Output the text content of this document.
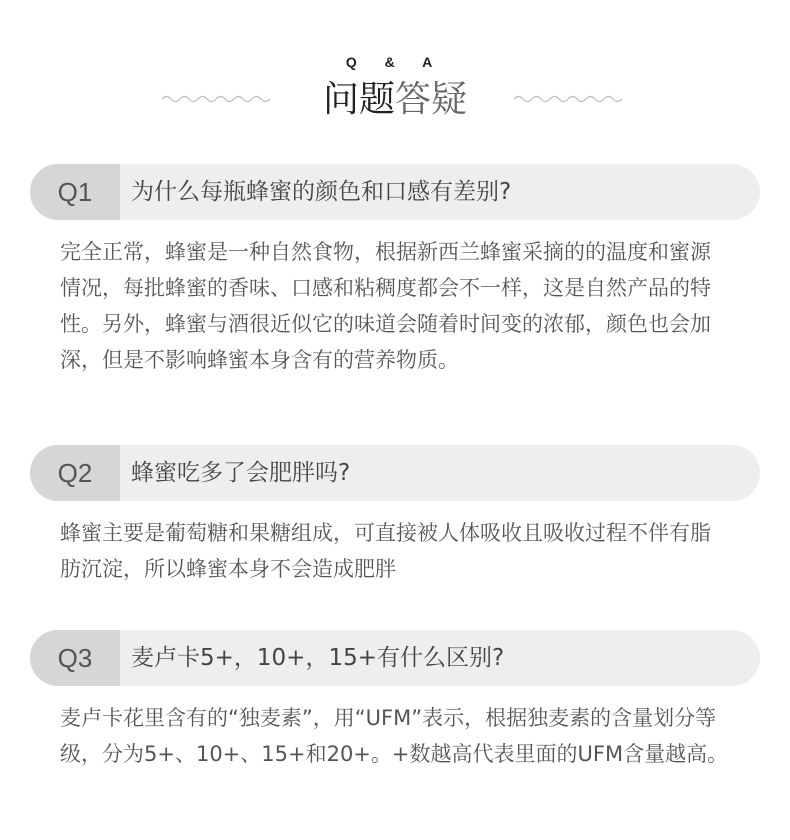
Q & A
问题答疑
Q1	为什么每瓶蜂蜜的颜色和口感有差别?
完全正常，蜂蜜是一种自然食物，根据新西兰蜂蜜采摘的的温度和蜜源情况，每批蜂蜜的香味、口感和粘稠度都会不一样，这是自然产品的特性。另外，蜂蜜与酒很近似它的味道会随着时间变的浓郁，颜色也会加深，但是不影响蜂蜜本身含有的营养物质。
Q2	蜂蜜吃多了会肥胖吗?
蜂蜜主要是葡萄糖和果糖组成，可直接被人体吸收且吸收过程不伴有脂肪沉淀，所以蜂蜜本身不会造成肥胖
Q3	麦卢卡5+，10+，15+有什么区别?
麦卢卡花里含有的“独麦素”，用“UFM”表示，根据独麦素的含量划分等级，分为5+、10+、15+和20+。+数越高代表里面的UFM含量越高。
